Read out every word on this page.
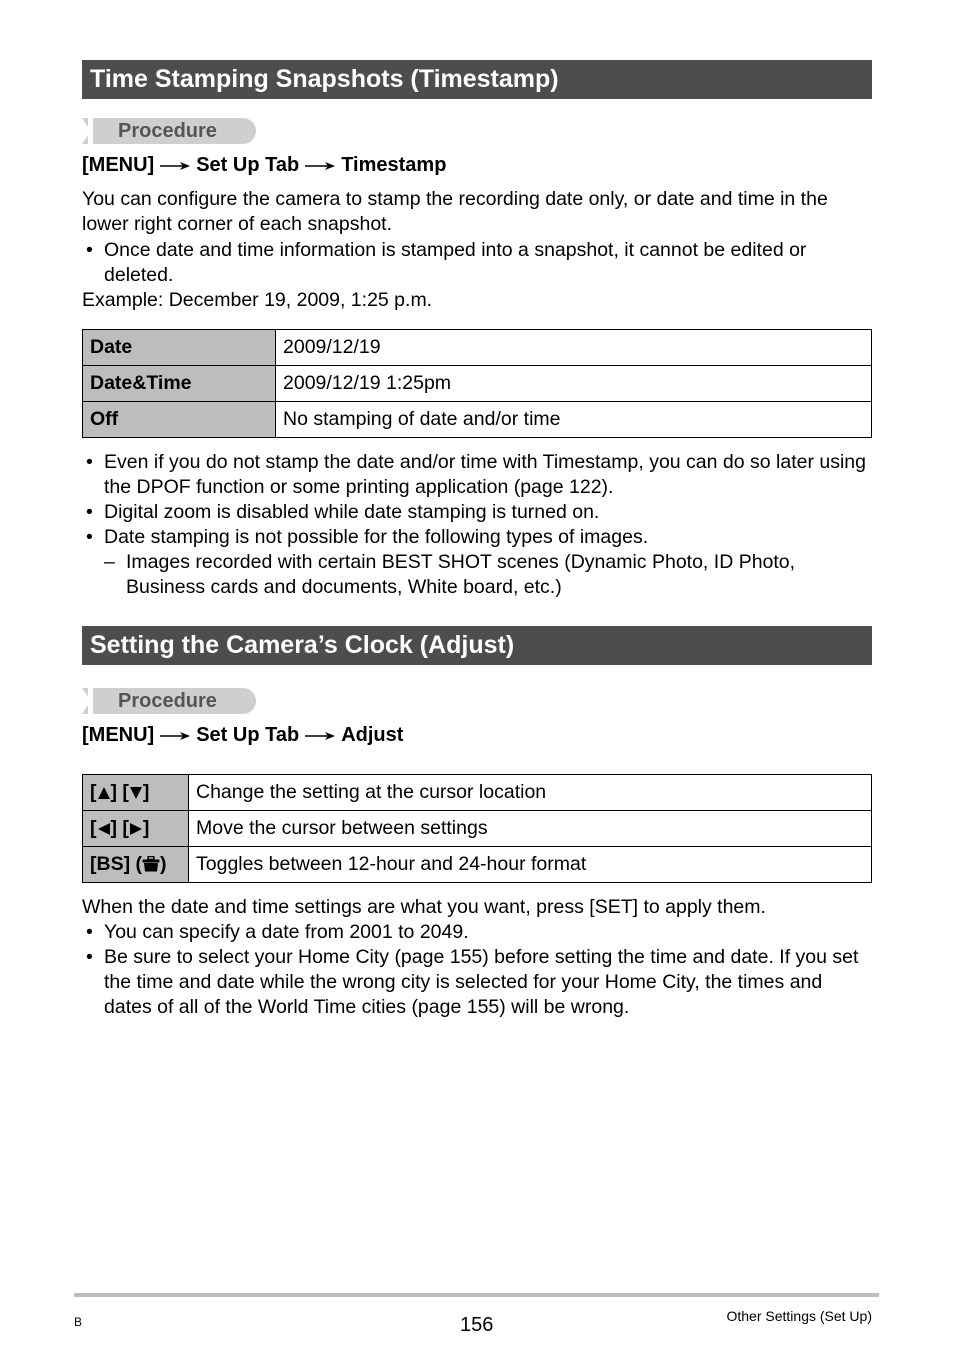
Time Stamping Snapshots (Timestamp)
Procedure
[MENU] Set Up Tab Timestamp
You can configure the camera to stamp the recording date only, or date and time in the lower right corner of each snapshot.
• Once date and time information is stamped into a snapshot, it cannot be edited or deleted.
Example: December 19, 2009, 1:25 p.m.
Date	2009/12/19
Date&Time	2009/12/19 1:25pm
Off	No stamping of date and/or time
• Even if you do not stamp the date and/or time with Timestamp, you can do so later using the DPOF function or some printing application (page 122).
• Digital zoom is disabled while date stamping is turned on.
• Date stamping is not possible for the following types of images.
– Images recorded with certain BEST SHOT scenes (Dynamic Photo, ID Photo, Business cards and documents, White board, etc.)
Setting the Camera’s Clock (Adjust)
Procedure
[MENU] Set Up Tab Adjust
[ ] [ ]	Change the setting at the cursor location
[ ] [ ]	Move the cursor between settings
[BS] ( )	Toggles between 12-hour and 24-hour format
When the date and time settings are what you want, press [SET] to apply them.
• You can specify a date from 2001 to 2049.
• Be sure to select your Home City (page 155) before setting the time and date. If you set the time and date while the wrong city is selected for your Home City, the times and dates of all of the World Time cities (page 155) will be wrong.
B	156	Other Settings (Set Up)
